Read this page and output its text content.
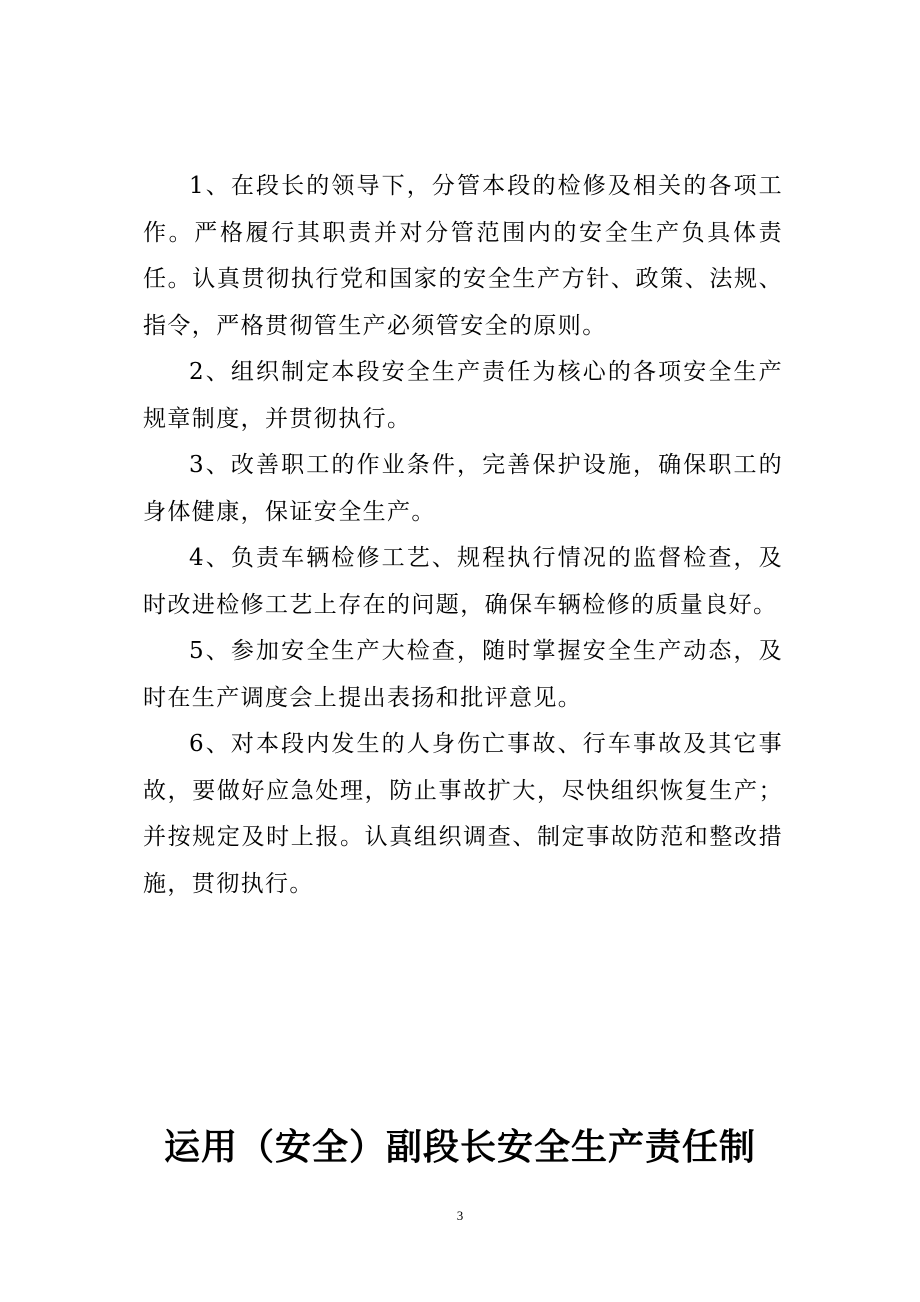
1、在段长的领导下，分管本段的检修及相关的各项工作。严格履行其职责并对分管范围内的安全生产负具体责任。认真贯彻执行党和国家的安全生产方针、政策、法规、指令，严格贯彻管生产必须管安全的原则。

2、组织制定本段安全生产责任为核心的各项安全生产规章制度，并贯彻执行。

3、改善职工的作业条件，完善保护设施，确保职工的身体健康，保证安全生产。

4、负责车辆检修工艺、规程执行情况的监督检查，及时改进检修工艺上存在的问题，确保车辆检修的质量良好。

5、参加安全生产大检查，随时掌握安全生产动态，及时在生产调度会上提出表扬和批评意见。

6、对本段内发生的人身伤亡事故、行车事故及其它事故，要做好应急处理，防止事故扩大，尽快组织恢复生产；并按规定及时上报。认真组织调查、制定事故防范和整改措施，贯彻执行。

运用（安全）副段长安全生产责任制
3
